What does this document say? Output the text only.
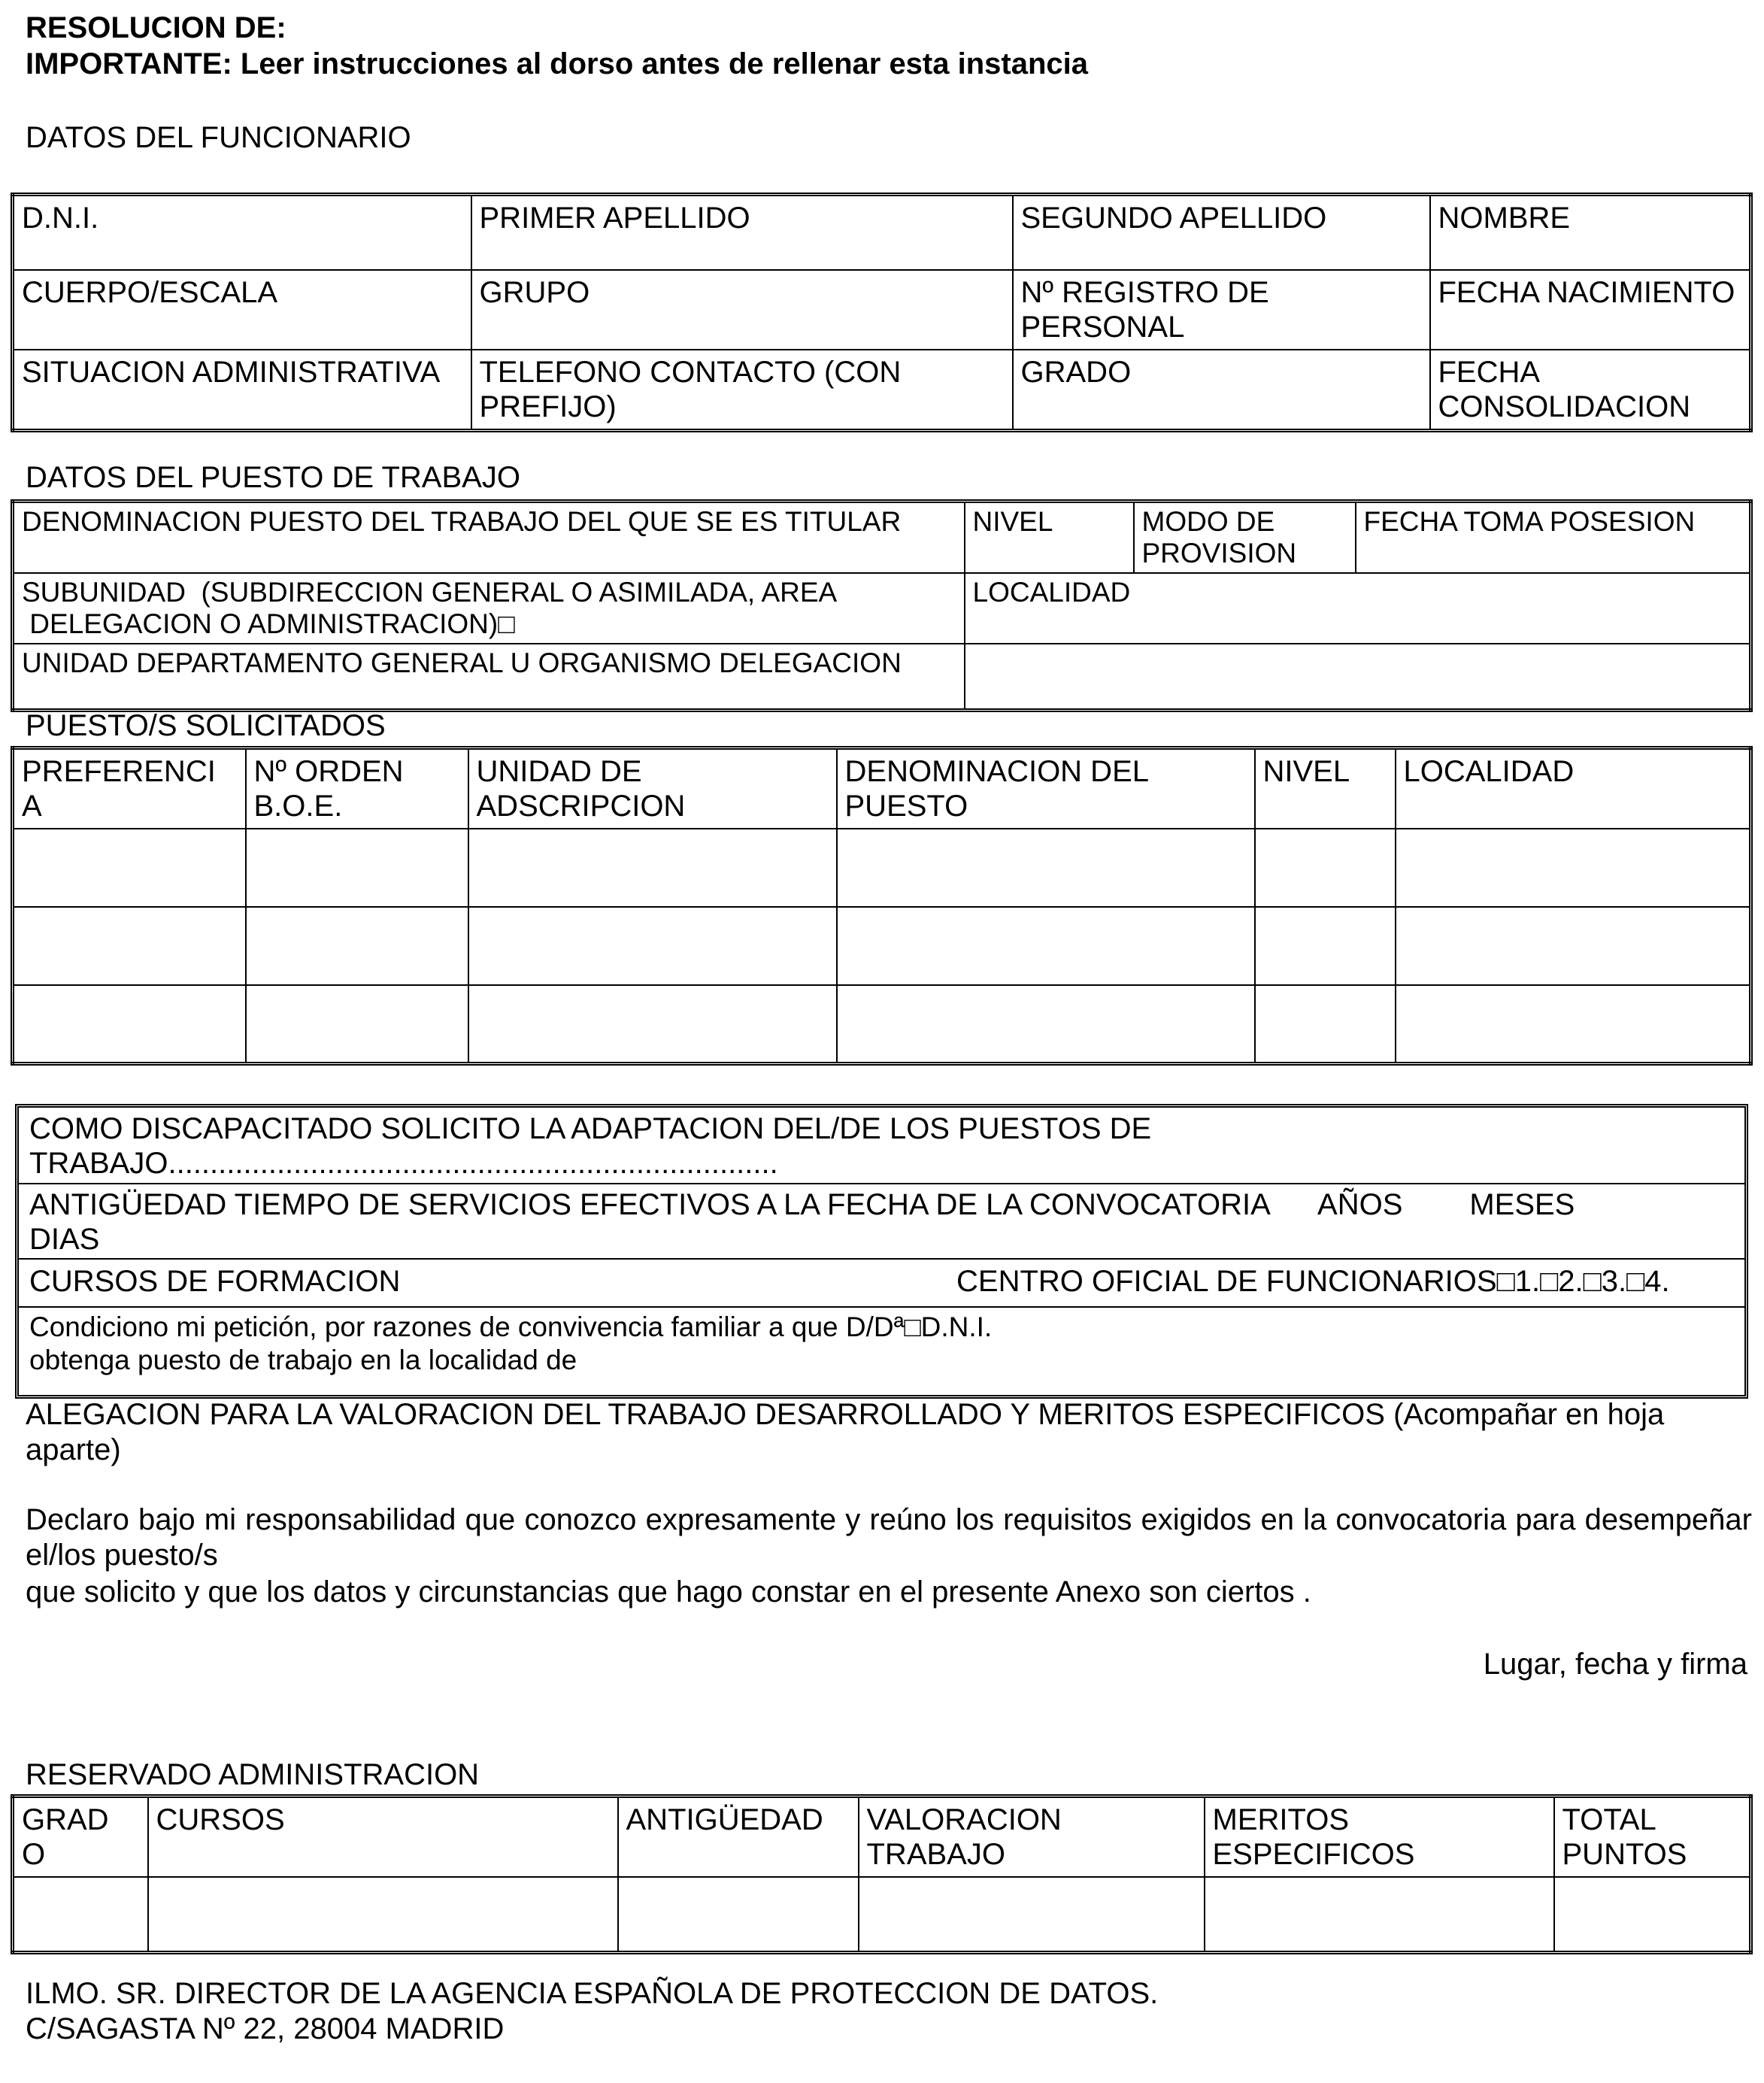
RESOLUCION DE:
IMPORTANTE: Leer instrucciones al dorso antes de rellenar esta instancia
DATOS DEL FUNCIONARIO
D.N.I.	PRIMER APELLIDO	SEGUNDO APELLIDO	NOMBRE
CUERPO/ESCALA	GRUPO	Nº REGISTRO DE PERSONAL	FECHA NACIMIENTO
SITUACION ADMINISTRATIVA	TELEFONO CONTACTO (CON PREFIJO)	GRADO	FECHA CONSOLIDACION
DATOS DEL PUESTO DE TRABAJO
DENOMINACION PUESTO DEL TRABAJO DEL QUE SE ES TITULAR	NIVEL	MODO DE PROVISION	FECHA TOMA POSESION
SUBUNIDAD  (SUBDIRECCION GENERAL O ASIMILADA, AREA
DELEGACION O ADMINISTRACION)□	LOCALIDAD		
UNIDAD DEPARTAMENTO GENERAL U ORGANISMO DELEGACION			
PUESTO/S SOLICITADOS
PREFERENCI A	Nº ORDEN B.O.E.	UNIDAD DE ADSCRIPCION	DENOMINACION DEL PUESTO	NIVEL	LOCALIDAD

COMO DISCAPACITADO SOLICITO LA ADAPTACION DEL/DE LOS PUESTOS DE
TRABAJO.........................................................................
ANTIGÜEDAD TIEMPO DE SERVICIOS EFECTIVOS A LA FECHA DE LA CONVOCATORIA      AÑOS        MESES
DIAS
CURSOS DE FORMACION	CENTRO OFICIAL DE FUNCIONARIOS□1.□2.□3.□4.
Condiciono mi petición, por razones de convivencia familiar a que D/Dª□D.N.I.
obtenga puesto de trabajo en la localidad de
ALEGACION PARA LA VALORACION DEL TRABAJO DESARROLLADO Y MERITOS ESPECIFICOS (Acompañar en hoja aparte)
Declaro bajo mi responsabilidad que conozco expresamente y reúno los requisitos exigidos en la convocatoria para desempeñar el/los puesto/s
que solicito y que los datos y circunstancias que hago constar en el presente Anexo son ciertos .
Lugar, fecha y firma
RESERVADO ADMINISTRACION
GRAD O	CURSOS	ANTIGÜEDAD	VALORACION TRABAJO	MERITOS ESPECIFICOS	TOTAL PUNTOS

ILMO. SR. DIRECTOR DE LA AGENCIA ESPAÑOLA DE PROTECCION DE DATOS.
C/SAGASTA Nº 22, 28004 MADRID
